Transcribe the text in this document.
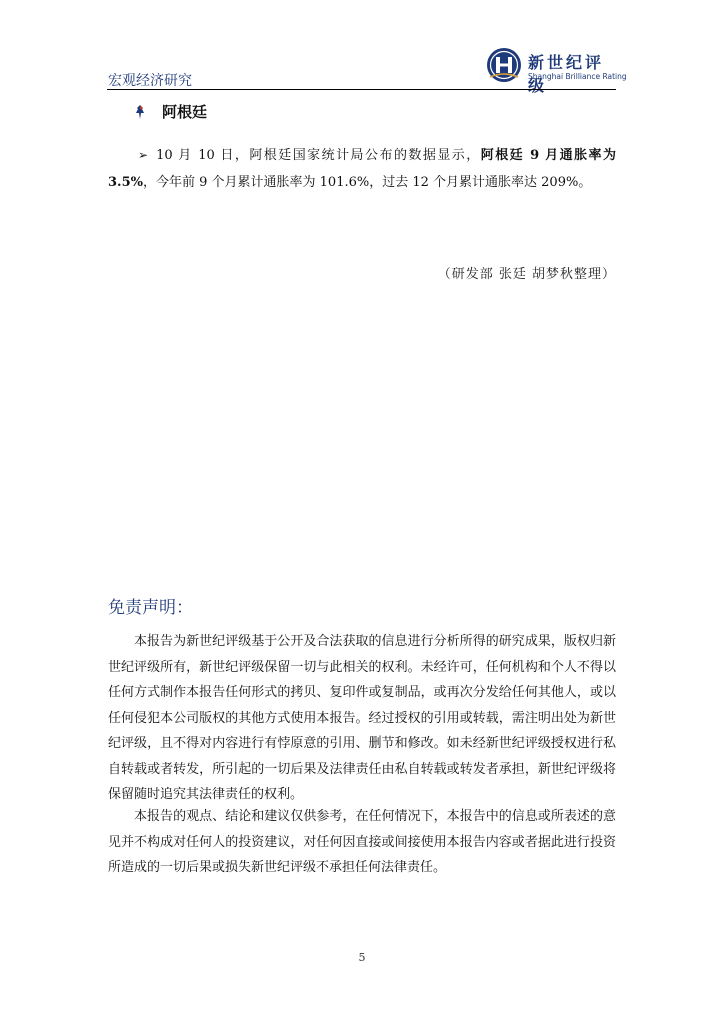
宏观经济研究
新世纪评级
Shanghai Brilliance Rating
阿根廷
➢ 10 月 10 日，阿根廷国家统计局公布的数据显示，阿根廷 9 月通胀率为 3.5%，今年前 9 个月累计通胀率为 101.6%，过去 12 个月累计通胀率达 209%。
（研发部 张廷 胡梦秋整理）
免责声明：
本报告为新世纪评级基于公开及合法获取的信息进行分析所得的研究成果，版权归新世纪评级所有，新世纪评级保留一切与此相关的权利。未经许可，任何机构和个人不得以任何方式制作本报告任何形式的拷贝、复印件或复制品，或再次分发给任何其他人，或以任何侵犯本公司版权的其他方式使用本报告。经过授权的引用或转载，需注明出处为新世纪评级，且不得对内容进行有悖原意的引用、删节和修改。如未经新世纪评级授权进行私自转载或者转发，所引起的一切后果及法律责任由私自转载或转发者承担，新世纪评级将保留随时追究其法律责任的权利。
本报告的观点、结论和建议仅供参考，在任何情况下，本报告中的信息或所表述的意见并不构成对任何人的投资建议，对任何因直接或间接使用本报告内容或者据此进行投资所造成的一切后果或损失新世纪评级不承担任何法律责任。
5
